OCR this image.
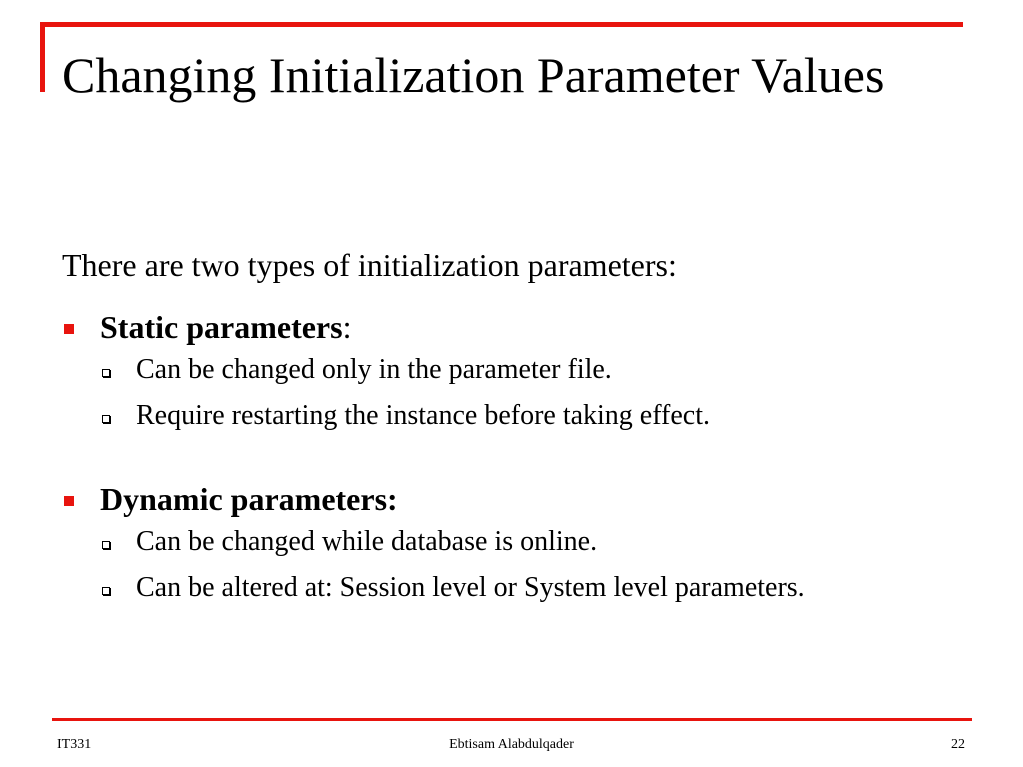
Changing Initialization Parameter Values

There are two types of initialization parameters:

Static parameters:
Can be changed only in the parameter file.
Require restarting the instance before taking effect.
Dynamic parameters:
Can be changed while database is online.
Can be altered at: Session level or System level parameters.
IT331	Ebtisam Alabdulqader	22
